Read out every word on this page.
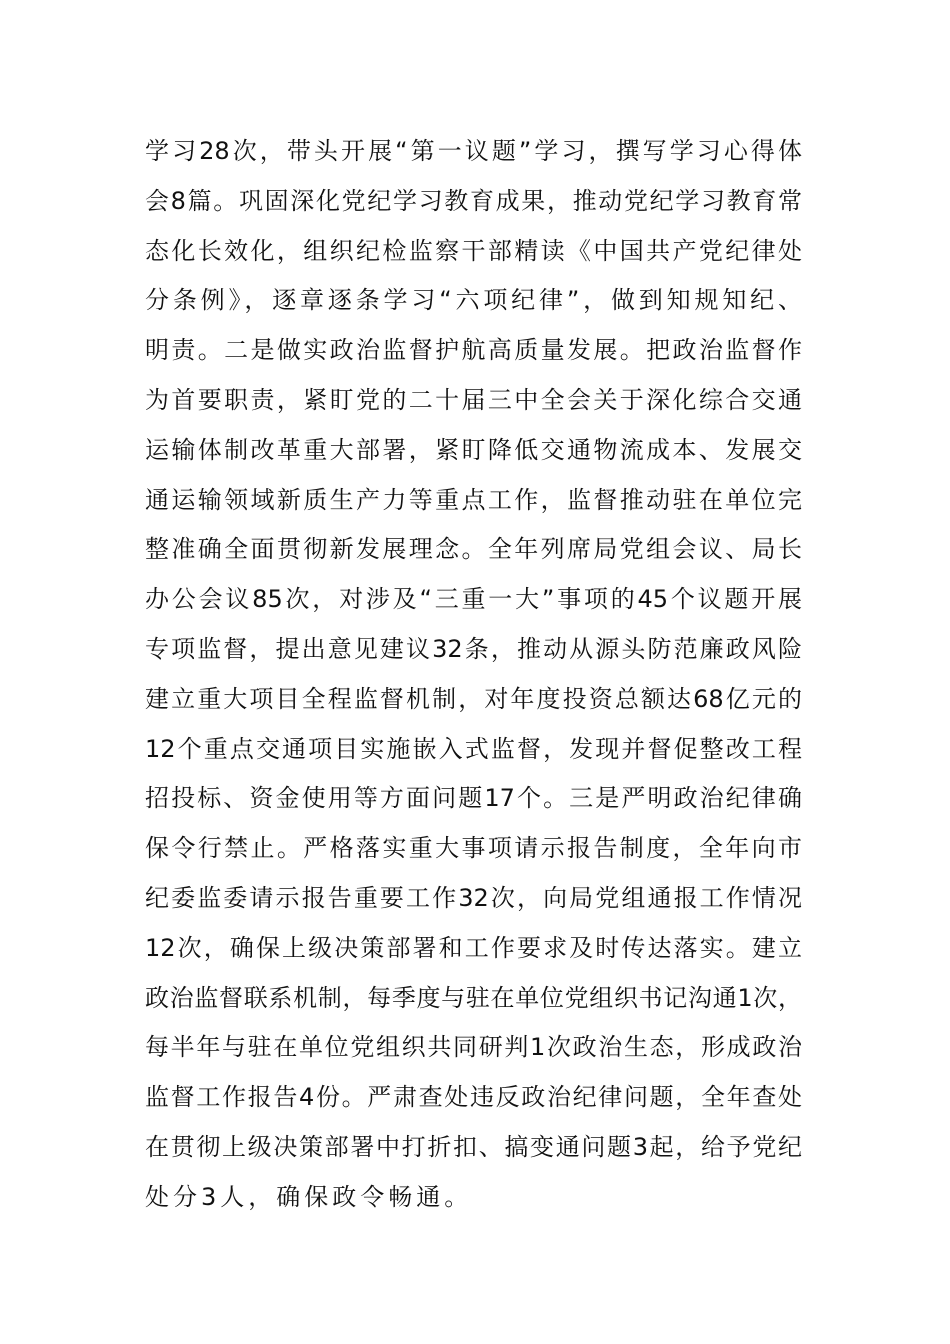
学习28次，带头开展“第一议题”学习，撰写学习心得体
会8篇。巩固深化党纪学习教育成果，推动党纪学习教育常
态化长效化，组织纪检监察干部精读《中国共产党纪律处
分条例》，逐章逐条学习“六项纪律”，做到知规知纪、
明责。二是做实政治监督护航高质量发展。把政治监督作
为首要职责，紧盯党的二十届三中全会关于深化综合交通
运输体制改革重大部署，紧盯降低交通物流成本、发展交
通运输领域新质生产力等重点工作，监督推动驻在单位完
整准确全面贯彻新发展理念。全年列席局党组会议、局长
办公会议85次，对涉及“三重一大”事项的45个议题开展
专项监督，提出意见建议32条，推动从源头防范廉政风险
建立重大项目全程监督机制，对年度投资总额达68亿元的
12个重点交通项目实施嵌入式监督，发现并督促整改工程
招投标、资金使用等方面问题17个。三是严明政治纪律确
保令行禁止。严格落实重大事项请示报告制度，全年向市
纪委监委请示报告重要工作32次，向局党组通报工作情况
12次，确保上级决策部署和工作要求及时传达落实。建立
政治监督联系机制，每季度与驻在单位党组织书记沟通1次，
每半年与驻在单位党组织共同研判1次政治生态，形成政治
监督工作报告4份。严肃查处违反政治纪律问题，全年查处
在贯彻上级决策部署中打折扣、搞变通问题3起，给予党纪
处分3人，确保政令畅通。
